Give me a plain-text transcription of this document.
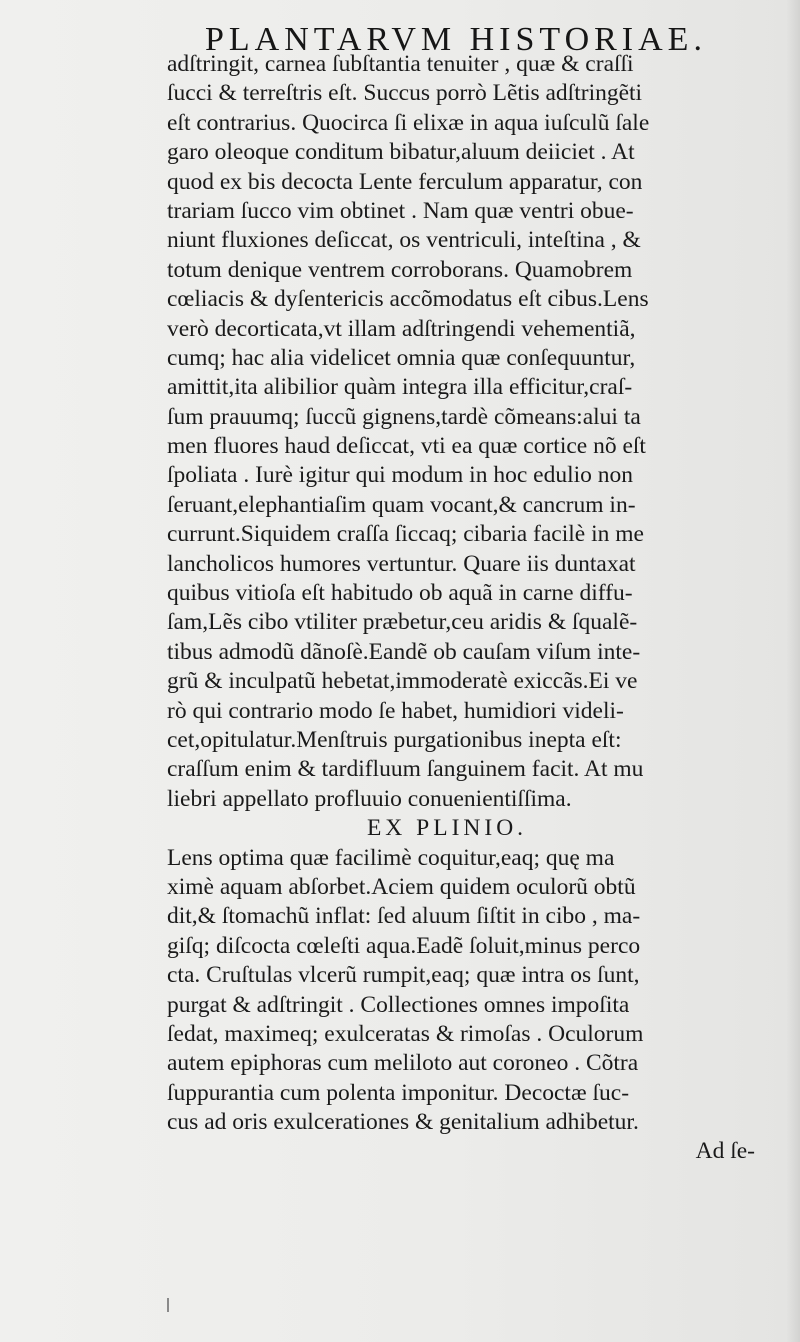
PLANTARVM HISTORIAE.
adſtringit, carnea ſubſtantia tenuiter , quæ & craſſi
ſucci & terreſtris eſt. Succus porrò Lẽtis adſtringẽti
eſt contrarius. Quocirca ſi elixæ in aqua iuſculũ ſale
garo oleoque conditum bibatur,aluum deiiciet . At
quod ex bis decocta Lente ferculum apparatur, con
trariam ſucco vim obtinet . Nam quæ ventri obue-
niunt fluxiones deſiccat, os ventriculi, inteſtina , &
totum denique ventrem corroborans. Quamobrem
cœliacis & dyſentericis accõmodatus eſt cibus.Lens
verò decorticata,vt illam adſtringendi vehementiã,
cumq; hac alia videlicet omnia quæ conſequuntur,
amittit,ita alibilior quàm integra illa efficitur,craſ-
ſum prauumq; ſuccũ gignens,tardè cõmeans:alui ta
men fluores haud deſiccat, vti ea quæ cortice nõ eſt
ſpoliata . Iurè igitur qui modum in hoc edulio non
ſeruant,elephantiaſim quam vocant,& cancrum in-
currunt.Siquidem craſſa ſiccaq; cibaria facilè in me
lancholicos humores vertuntur. Quare iis duntaxat
quibus vitioſa eſt habitudo ob aquã in carne diffu-
ſam,Lẽs cibo vtiliter præbetur,ceu aridis & ſqualẽ-
tibus admodũ dãnoſè.Eandẽ ob cauſam viſum inte-
grũ & inculpatũ hebetat,immoderatè exiccãs.Ei ve
rò qui contrario modo ſe habet, humidiori videli-
cet,opitulatur.Menſtruis purgationibus inepta eſt:
craſſum enim & tardifluum ſanguinem facit. At mu
liebri appellato profluuio conuenientiſſima.
EX PLINIO.
Lens optima quæ facilimè coquitur,eaq; quę ma
ximè aquam abſorbet.Aciem quidem oculorũ obtũ
dit,& ſtomachũ inflat: ſed aluum ſiſtit in cibo , ma-
giſq; diſcocta cœleſti aqua.Eadẽ ſoluit,minus perco
cta. Cruſtulas vlcerũ rumpit,eaq; quæ intra os ſunt,
purgat & adſtringit . Collectiones omnes impoſita
ſedat, maximeq; exulceratas & rimoſas . Oculorum
autem epiphoras cum meliloto aut coroneo . Cõtra
ſuppurantia cum polenta imponitur. Decoctæ ſuc-
cus ad oris exulcerationes & genitalium adhibetur.
Ad ſe-
